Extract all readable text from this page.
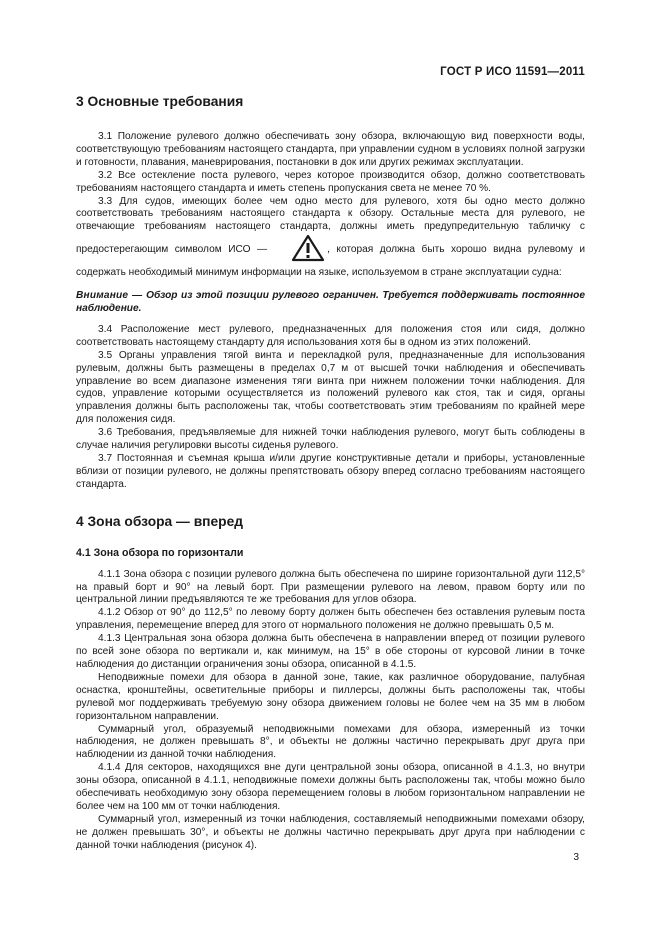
ГОСТ Р ИСО 11591—2011
3 Основные требования

3.1 Положение рулевого должно обеспечивать зону обзора, включающую вид поверхности воды, соответствующую требованиям настоящего стандарта, при управлении судном в условиях полной загрузки и готовности, плавания, маневрирования, постановки в док или других режимах эксплуатации.

3.2 Все остекление поста рулевого, через которое производится обзор, должно соответствовать требованиям настоящего стандарта и иметь степень пропускания света не менее 70 %.

3.3 Для судов, имеющих более чем одно место для рулевого, хотя бы одно место должно соответствовать требованиям настоящего стандарта к обзору. Остальные места для рулевого, не отвечающие требованиям настоящего стандарта, должны иметь предупредительную табличку с предостерегающим символом ИСО —	, которая должна быть хорошо видна рулевому и содержать необходимый минимум информации на языке, используемом в стране эксплуатации судна:

Внимание — Обзор из этой позиции рулевого ограничен. Требуется поддерживать постоянное наблюдение.

3.4 Расположение мест рулевого, предназначенных для положения стоя или сидя, должно соответствовать настоящему стандарту для использования хотя бы в одном из этих положений.

3.5 Органы управления тягой винта и перекладкой руля, предназначенные для использования рулевым, должны быть размещены в пределах 0,7 м от высшей точки наблюдения и обеспечивать управление во всем диапазоне изменения тяги винта при нижнем положении точки наблюдения. Для судов, управление которыми осуществляется из положений рулевого как стоя, так и сидя, органы управления должны быть расположены так, чтобы соответствовать этим требованиям по крайней мере для положения сидя.

3.6 Требования, предъявляемые для нижней точки наблюдения рулевого, могут быть соблюдены в случае наличия регулировки высоты сиденья рулевого.

3.7 Постоянная и съемная крыша и/или другие конструктивные детали и приборы, установленные вблизи от позиции рулевого, не должны препятствовать обзору вперед согласно требованиям настоящего стандарта.

4 Зона обзора — вперед
4.1 Зона обзора по горизонтали

4.1.1 Зона обзора с позиции рулевого должна быть обеспечена по ширине горизонтальной дуги 112,5° на правый борт и 90° на левый борт. При размещении рулевого на левом, правом борту или по центральной линии предъявляются те же требования для углов обзора.

4.1.2 Обзор от 90° до 112,5° по левому борту должен быть обеспечен без оставления рулевым поста управления, перемещение вперед для этого от нормального положения не должно превышать 0,5 м.

4.1.3 Центральная зона обзора должна быть обеспечена в направлении вперед от позиции рулевого по всей зоне обзора по вертикали и, как минимум, на 15° в обе стороны от курсовой линии в точке наблюдения до дистанции ограничения зоны обзора, описанной в 4.1.5.

Неподвижные помехи для обзора в данной зоне, такие, как различное оборудование, палубная оснастка, кронштейны, осветительные приборы и пиллерсы, должны быть расположены так, чтобы рулевой мог поддерживать требуемую зону обзора движением головы не более чем на 35 мм в любом горизонтальном направлении.

Суммарный угол, образуемый неподвижными помехами для обзора, измеренный из точки наблюдения, не должен превышать 8°, и объекты не должны частично перекрывать друг друга при наблюдении из данной точки наблюдения.

4.1.4 Для секторов, находящихся вне дуги центральной зоны обзора, описанной в 4.1.3, но внутри зоны обзора, описанной в 4.1.1, неподвижные помехи должны быть расположены так, чтобы можно было обеспечивать необходимую зону обзора перемещением головы в любом горизонтальном направлении не более чем на 100 мм от точки наблюдения.

Суммарный угол, измеренный из точки наблюдения, составляемый неподвижными помехами обзору, не должен превышать 30°, и объекты не должны частично перекрывать друг друга при наблюдении с данной точки наблюдения (рисунок 4).

3
